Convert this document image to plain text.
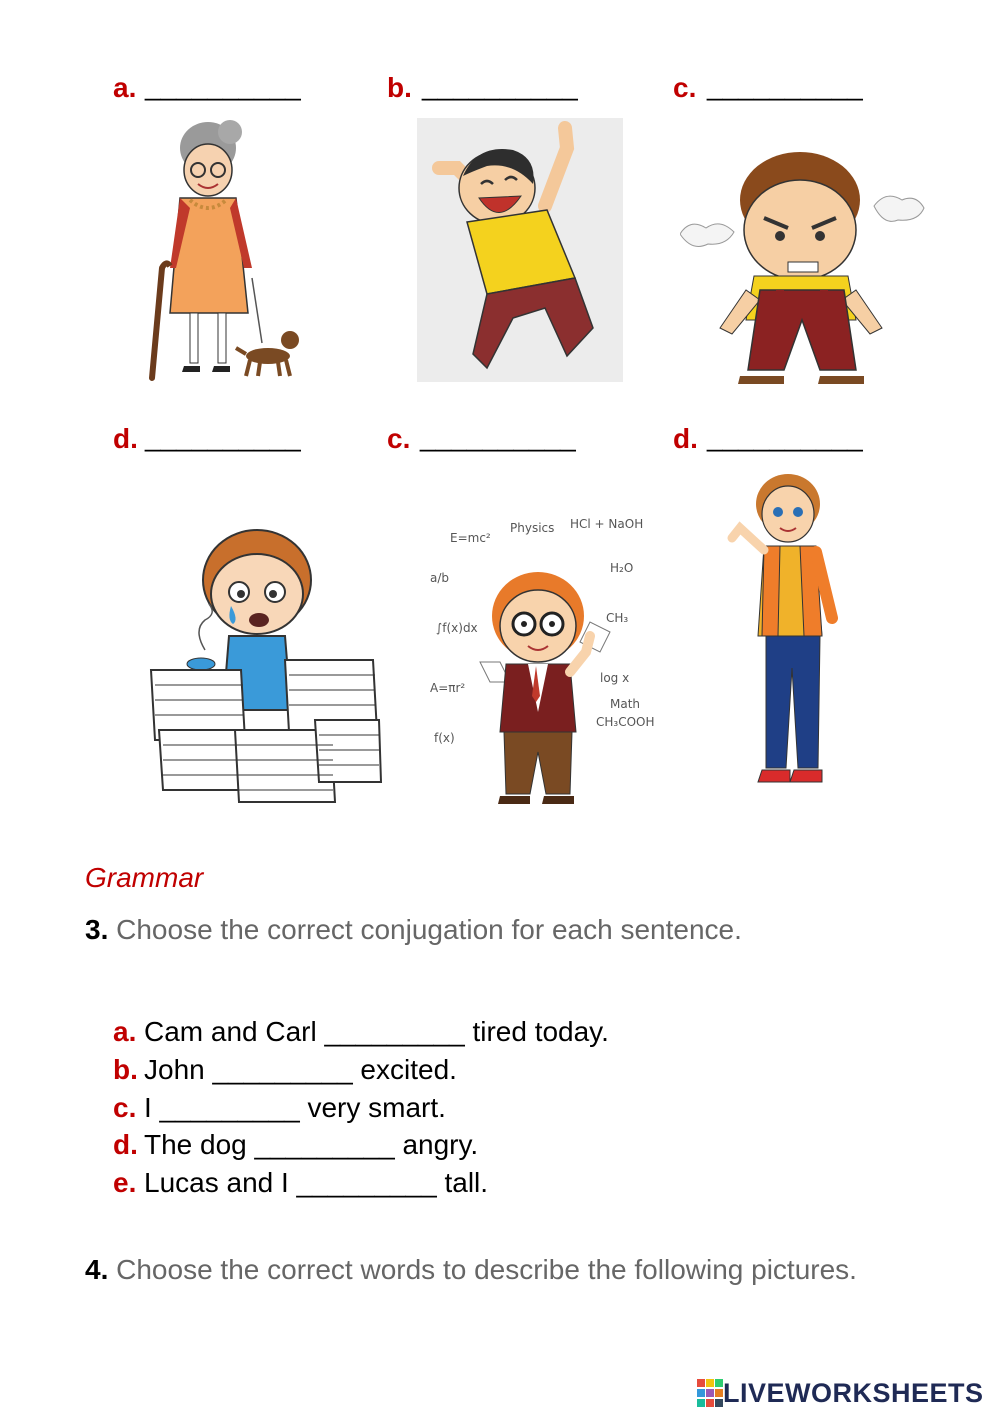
a. __________	b. __________	c. __________
d. __________	c. __________	d. __________
E=mc²
Physics HCl + NaOH
a/b
H₂O
∫f(x)dx
CH₃
A=πr²
log x
f(x)
CH₃COOH
Math
Grammar
3. Choose the correct conjugation for each sentence.
a. Cam and Carl _________ tired today.
b. John _________ excited.
c. I _________ very smart.
d. The dog _________ angry.
e. Lucas and I _________ tall.
4. Choose the correct words to describe the following pictures.
LIVEWORKSHEETS
